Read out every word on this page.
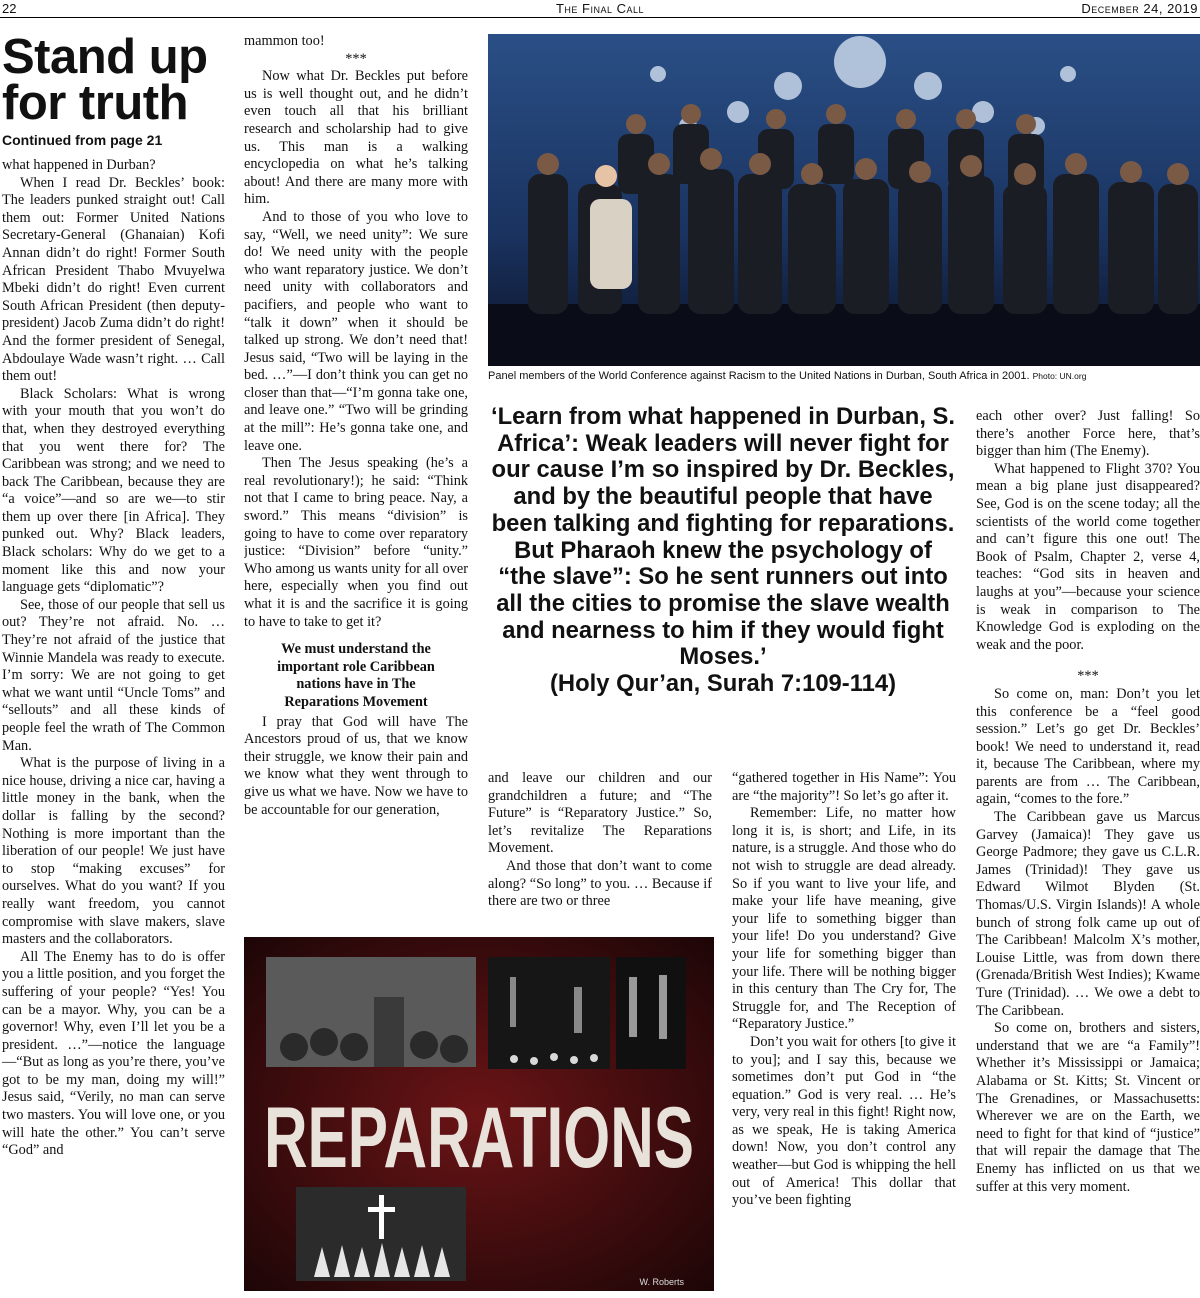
The Final Call
22	December 24, 2019
Stand up
for truth
Continued from page 21

what happened in Durban?

When I read Dr. Beckles’ book: The leaders punked straight out! Call them out: Former United Nations Secretary-General (Ghanaian) Kofi Annan didn’t do right! Former South African President Thabo Mvuyelwa Mbeki didn’t do right! Even current South African President (then deputy-president) Jacob Zuma didn’t do right! And the former president of Senegal, Abdoulaye Wade wasn’t right. … Call them out!

Black Scholars: What is wrong with your mouth that you won’t do that, when they destroyed everything that you went there for? The Caribbean was strong; and we need to back The Caribbean, because they are “a voice”—and so are we—to stir them up over there [in Africa]. They punked out. Why? Black leaders, Black scholars: Why do we get to a moment like this and now your language gets “diplomatic”?

See, those of our people that sell us out? They’re not afraid. No. … They’re not afraid of the justice that Winnie Mandela was ready to execute. I’m sorry: We are not going to get what we want until “Uncle Toms” and “sellouts” and all these kinds of people feel the wrath of The Common Man.

What is the purpose of living in a nice house, driving a nice car, having a little money in the bank, when the dollar is falling by the second? Nothing is more important than the liberation of our people! We just have to stop “making excuses” for ourselves. What do you want? If you really want freedom, you cannot compromise with slave makers, slave masters and the collaborators.

All The Enemy has to do is offer you a little position, and you forget the suffering of your people? “Yes! You can be a mayor. Why, you can be a governor! Why, even I’ll let you be a president. …”—notice the language—“But as long as you’re there, you’ve got to be my man, doing my will!” Jesus said, “Verily, no man can serve two masters. You will love one, or you will hate the other.” You can’t serve “God” and

mammon too!

***

Now what Dr. Beckles put before us is well thought out, and he didn’t even touch all that his brilliant research and scholarship had to give us. This man is a walking encyclopedia on what he’s talking about! And there are many more with him.

And to those of you who love to say, “Well, we need unity”: We sure do! We need unity with the people who want reparatory justice. We don’t need unity with collaborators and pacifiers, and people who want to “talk it down” when it should be talked up strong. We don’t need that! Jesus said, “Two will be laying in the bed. …”—I don’t think you can get no closer than that—“I’m gonna take one, and leave one.” “Two will be grinding at the mill”: He’s gonna take one, and leave one.

Then The Jesus speaking (he’s a real revolutionary!); he said: “Think not that I came to bring peace. Nay, a sword.” This means “division” is going to have to come over reparatory justice: “Division” before “unity.” Who among us wants unity for all over here, especially when you find out what it is and the sacrifice it is going to have to take to get it?

We must understand the important role Caribbean nations have in The Reparations Movement

I pray that God will have The Ancestors proud of us, that we know their struggle, we know their pain and we know what they went through to give us what we have. Now we have to be accountable for our generation,

Panel members of the World Conference against Racism to the United Nations in Durban, South Africa in 2001. Photo: UN.org
‘Learn from what happened in Durban, S. Africa’: Weak leaders will never fight for our cause I’m so inspired by Dr. Beckles, and by the beautiful people that have been talking and fighting for reparations. But Pharaoh knew the psychology of “the slave”: So he sent runners out into all the cities to promise the slave wealth and nearness to him if they would fight Moses.’
(Holy Qur’an, Surah 7:109-114)

and leave our children and our grandchildren a future; and “The Future” is “Reparatory Justice.” So, let’s revitalize The Reparations Movement.

And those that don’t want to come along? “So long” to you. … Because if there are two or three

“gathered together in His Name”: You are “the majority”! So let’s go after it.

Remember: Life, no matter how long it is, is short; and Life, in its nature, is a struggle. And those who do not wish to struggle are dead already. So if you want to live your life, and make your life have meaning, give your life to something bigger than your life! Do you understand? Give your life for something bigger than your life. There will be nothing bigger in this century than The Cry for, The Struggle for, and The Reception of “Reparatory Justice.”

Don’t you wait for others [to give it to you]; and I say this, because we sometimes don’t put God in “the equation.” God is very real. … He’s very, very real in this fight! Right now, as we speak, He is taking America down! Now, you don’t control any weather—but God is whipping the hell out of America! This dollar that you’ve been fighting

each other over? Just falling! So there’s another Force here, that’s bigger than him (The Enemy).

What happened to Flight 370? You mean a big plane just disappeared? See, God is on the scene today; all the scientists of the world come together and can’t figure this one out! The Book of Psalm, Chapter 2, verse 4, teaches: “God sits in heaven and laughs at you”—because your science is weak in comparison to The Knowledge God is exploding on the weak and the poor.

***

So come on, man: Don’t you let this conference be a “feel good session.” Let’s go get Dr. Beckles’ book! We need to understand it, read it, because The Caribbean, where my parents are from … The Caribbean, again, “comes to the fore.”

The Caribbean gave us Marcus Garvey (Jamaica)! They gave us George Padmore; they gave us C.L.R. James (Trinidad)! They gave us Edward Wilmot Blyden (St. Thomas/U.S. Virgin Islands)! A whole bunch of strong folk came up out of The Caribbean! Malcolm X’s mother, Louise Little, was from down there (Grenada/British West Indies); Kwame Ture (Trinidad). … We owe a debt to The Caribbean.

So come on, brothers and sisters, understand that we are “a Family”! Whether it’s Mississippi or Jamaica; Alabama or St. Kitts; St. Vincent or The Grenadines, or Massachusetts: Wherever we are on the Earth, we need to fight for that kind of “justice” that will repair the damage that The Enemy has inflicted on us that we suffer at this very moment.

REPARATIONS
W. Roberts
